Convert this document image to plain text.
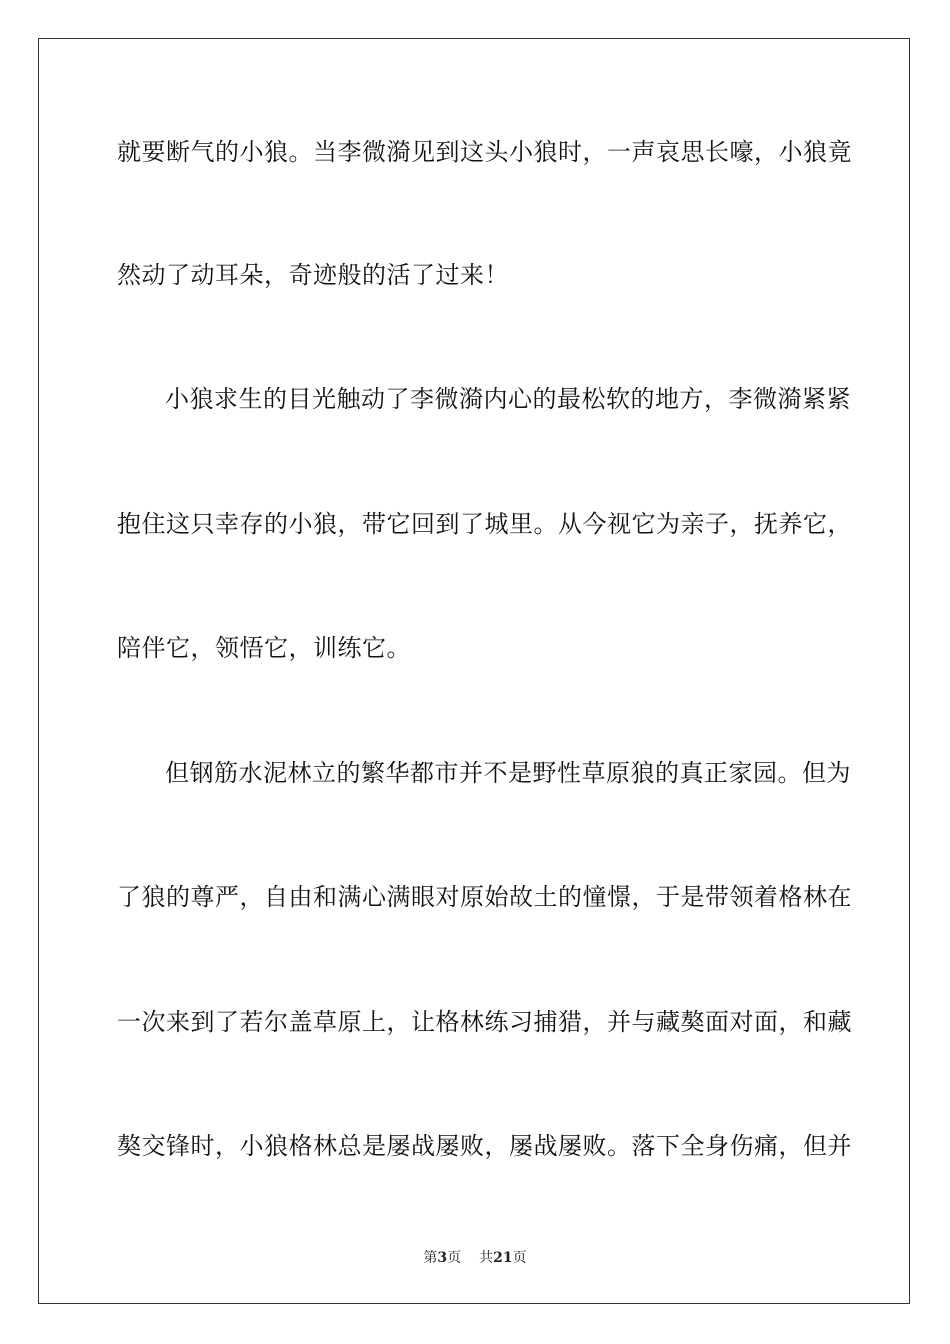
就要断气的小狼。当李微漪见到这头小狼时，一声哀思长嚎，小狼竟
然动了动耳朵，奇迹般的活了过来！
小狼求生的目光触动了李微漪内心的最松软的地方，李微漪紧紧
抱住这只幸存的小狼，带它回到了城里。从今视它为亲子，抚养它，
陪伴它，领悟它，训练它。
但钢筋水泥林立的繁华都市并不是野性草原狼的真正家园。但为
了狼的尊严，自由和满心满眼对原始故土的憧憬，于是带领着格林在
一次来到了若尔盖草原上，让格林练习捕猎，并与藏獒面对面，和藏
獒交锋时，小狼格林总是屡战屡败，屡战屡败。落下全身伤痛，但并
第3页 共21页
